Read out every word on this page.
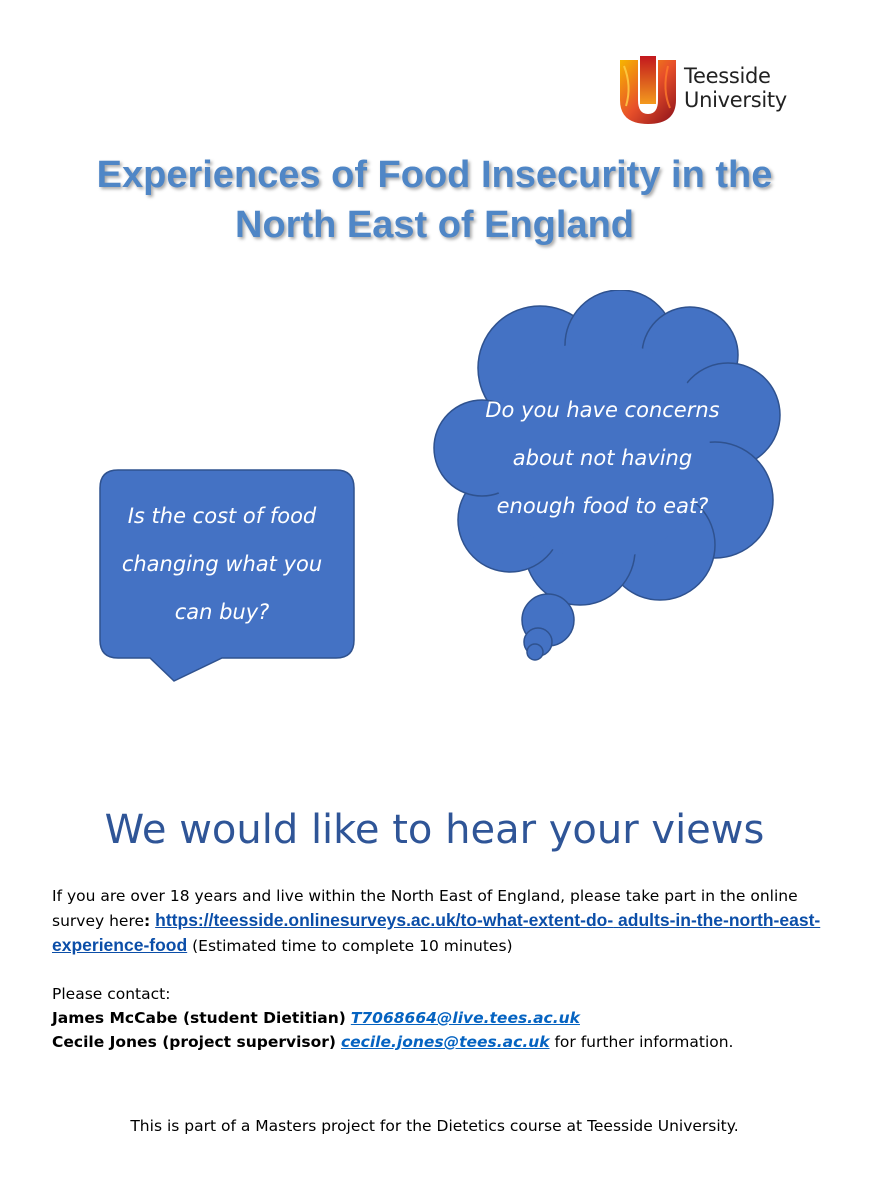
Teesside
University
Experiences of Food Insecurity in the
North East of England
Is the cost of food
changing what you
can buy?
Do you have concerns
about not having
enough food to eat?
We would like to hear your views

If you are over 18 years and live within the North East of England, please take part in the online survey here: https://teesside.onlinesurveys.ac.uk/to-what-extent-do- adults-in-the-north-east-experience-food (Estimated time to complete 10 minutes)

Please contact:

James McCabe (student Dietitian) T7068664@live.tees.ac.uk

Cecile Jones (project supervisor) cecile.jones@tees.ac.uk for further information.

This is part of a Masters project for the Dietetics course at Teesside University.
